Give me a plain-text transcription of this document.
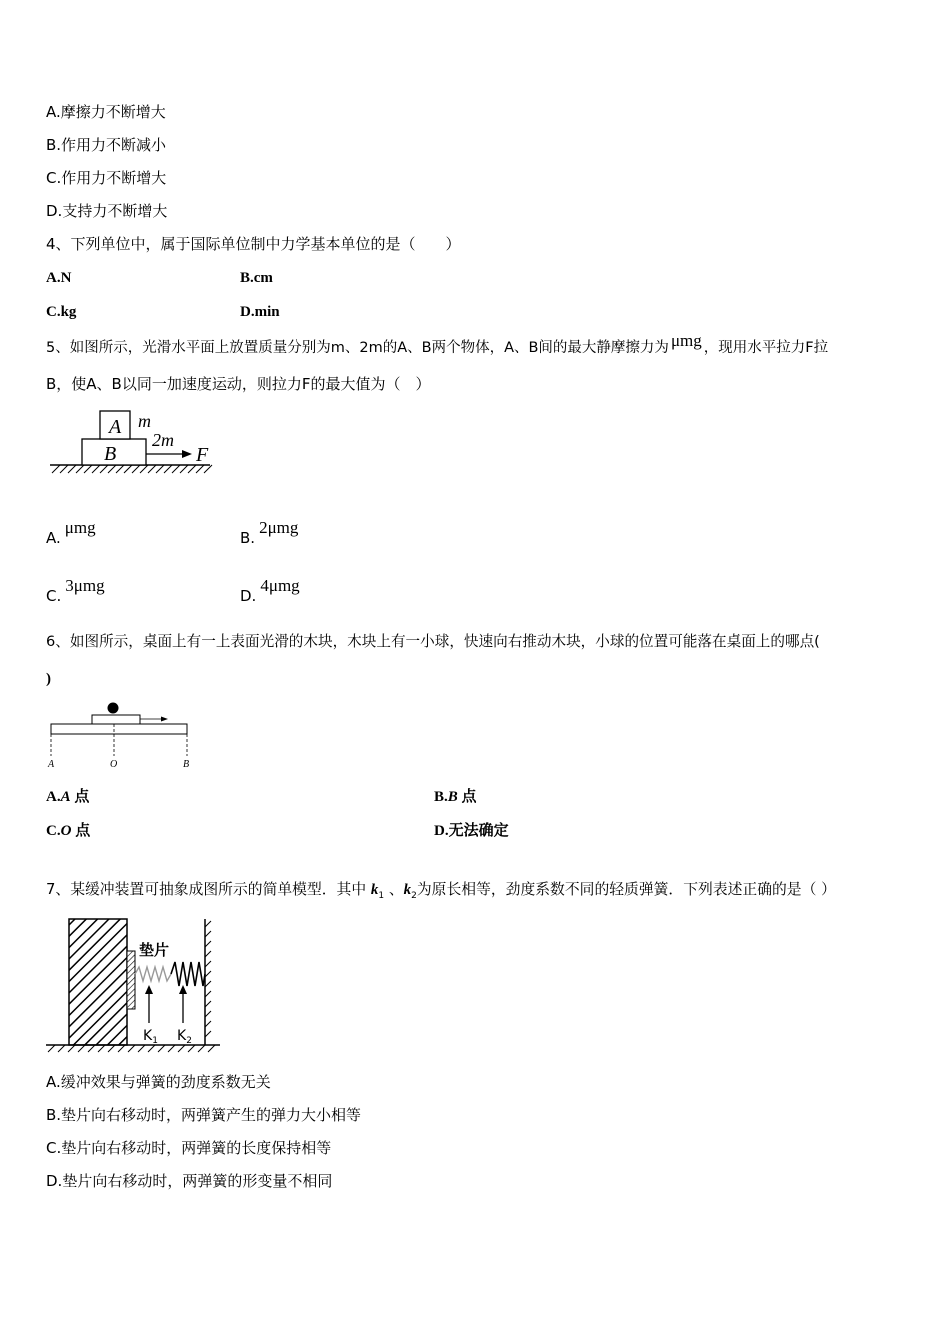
A.摩擦力不断增大
B.作用力不断减小
C.作用力不断增大
D.支持力不断增大
4、下列单位中，属于国际单位制中力学基本单位的是（　　）
A.N	B.cm
C.kg	D.min
5、如图所示，光滑水平面上放置质量分别为m、2m的A、B两个物体，A、B间的最大静摩擦力为 μmg ，现用水平拉力F拉
B，使A、B以同一加速度运动，则拉力F的最大值为（　）
A
B
m
2m
F
A.μmg
B.2μmg
C.3μmg
D.4μmg
6、如图所示，桌面上有一上表面光滑的木块，木块上有一小球，快速向右推动木块，小球的位置可能落在桌面上的哪点(
)
A	O	B
A.A 点	B.B 点
C.O 点	D.无法确定
7、某缓冲装置可抽象成图所示的简单模型．其中 $k_1$ 、$k_2$为原长相等，劲度系数不同的轻质弹簧．下列表述正确的是（ ）
垫片
$K_1$ $K_2$
A.缓冲效果与弹簧的劲度系数无关
B.垫片向右移动时，两弹簧产生的弹力大小相等
C.垫片向右移动时，两弹簧的长度保持相等
D.垫片向右移动时，两弹簧的形变量不相同
